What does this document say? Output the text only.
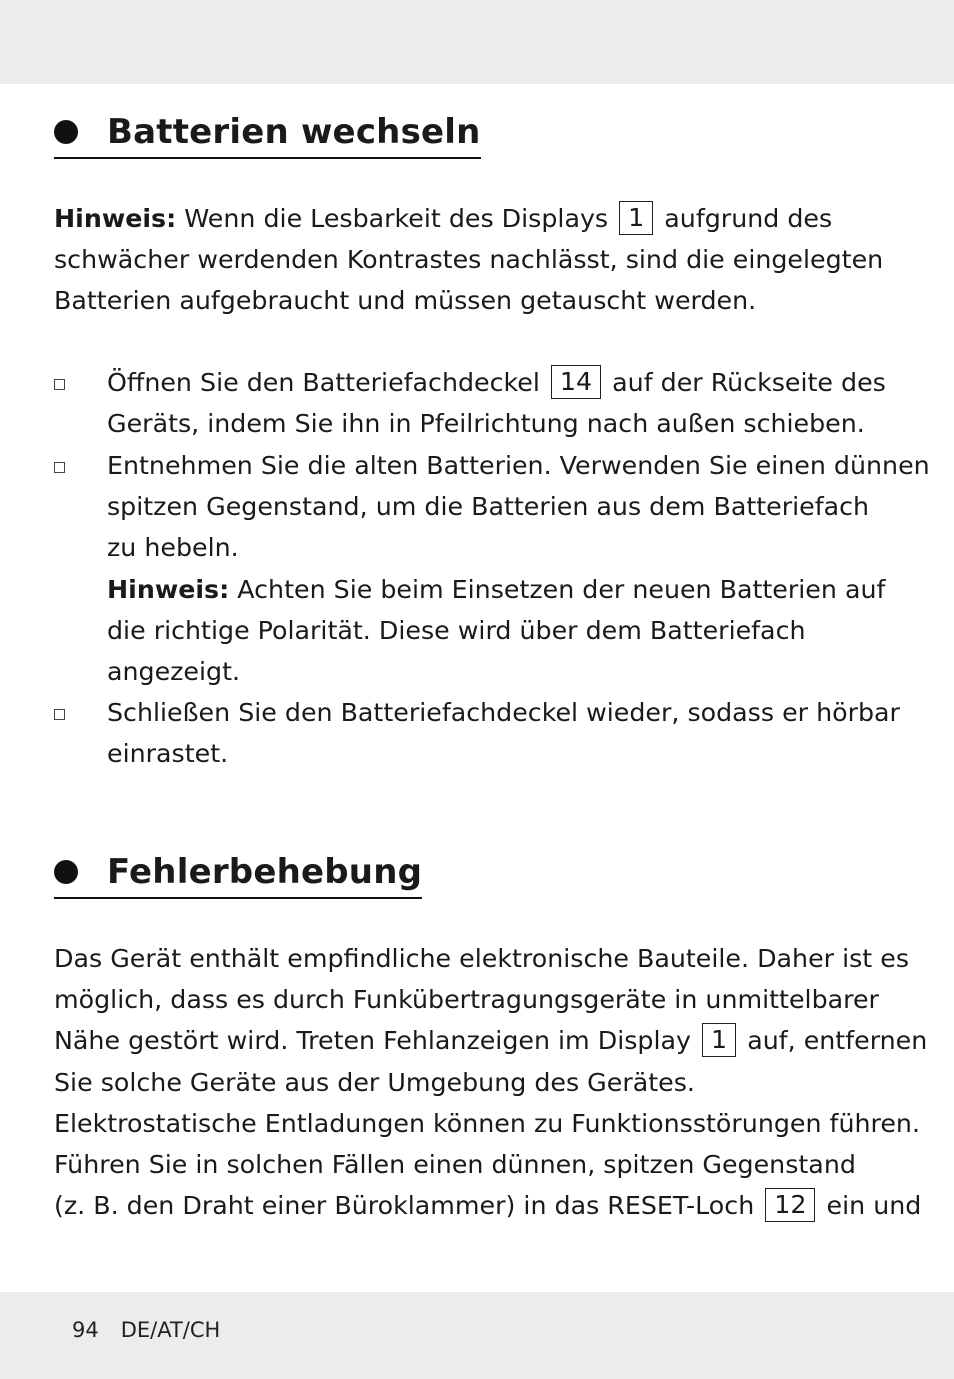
Batterien wechseln
Hinweis: Wenn die Lesbarkeit des Displays 1 aufgrund des
schwächer werdenden Kontrastes nachlässt, sind die eingelegten
Batterien aufgebraucht und müssen getauscht werden.
Öffnen Sie den Batteriefachdeckel 14 auf der Rückseite des
Geräts, indem Sie ihn in Pfeilrichtung nach außen schieben.
Entnehmen Sie die alten Batterien. Verwenden Sie einen dünnen
spitzen Gegenstand, um die Batterien aus dem Batteriefach
zu hebeln.
Hinweis: Achten Sie beim Einsetzen der neuen Batterien auf
die richtige Polarität. Diese wird über dem Batteriefach
angezeigt.
Schließen Sie den Batteriefachdeckel wieder, sodass er hörbar
einrastet.
Fehlerbehebung
Das Gerät enthält empfindliche elektronische Bauteile. Daher ist es
möglich, dass es durch Funkübertragungsgeräte in unmittelbarer
Nähe gestört wird. Treten Fehlanzeigen im Display 1 auf, entfernen
Sie solche Geräte aus der Umgebung des Gerätes.
Elektrostatische Entladungen können zu Funktionsstörungen führen.
Führen Sie in solchen Fällen einen dünnen, spitzen Gegenstand
(z. B. den Draht einer Büroklammer) in das RESET-Loch 12 ein und
94 DE/AT/CH
